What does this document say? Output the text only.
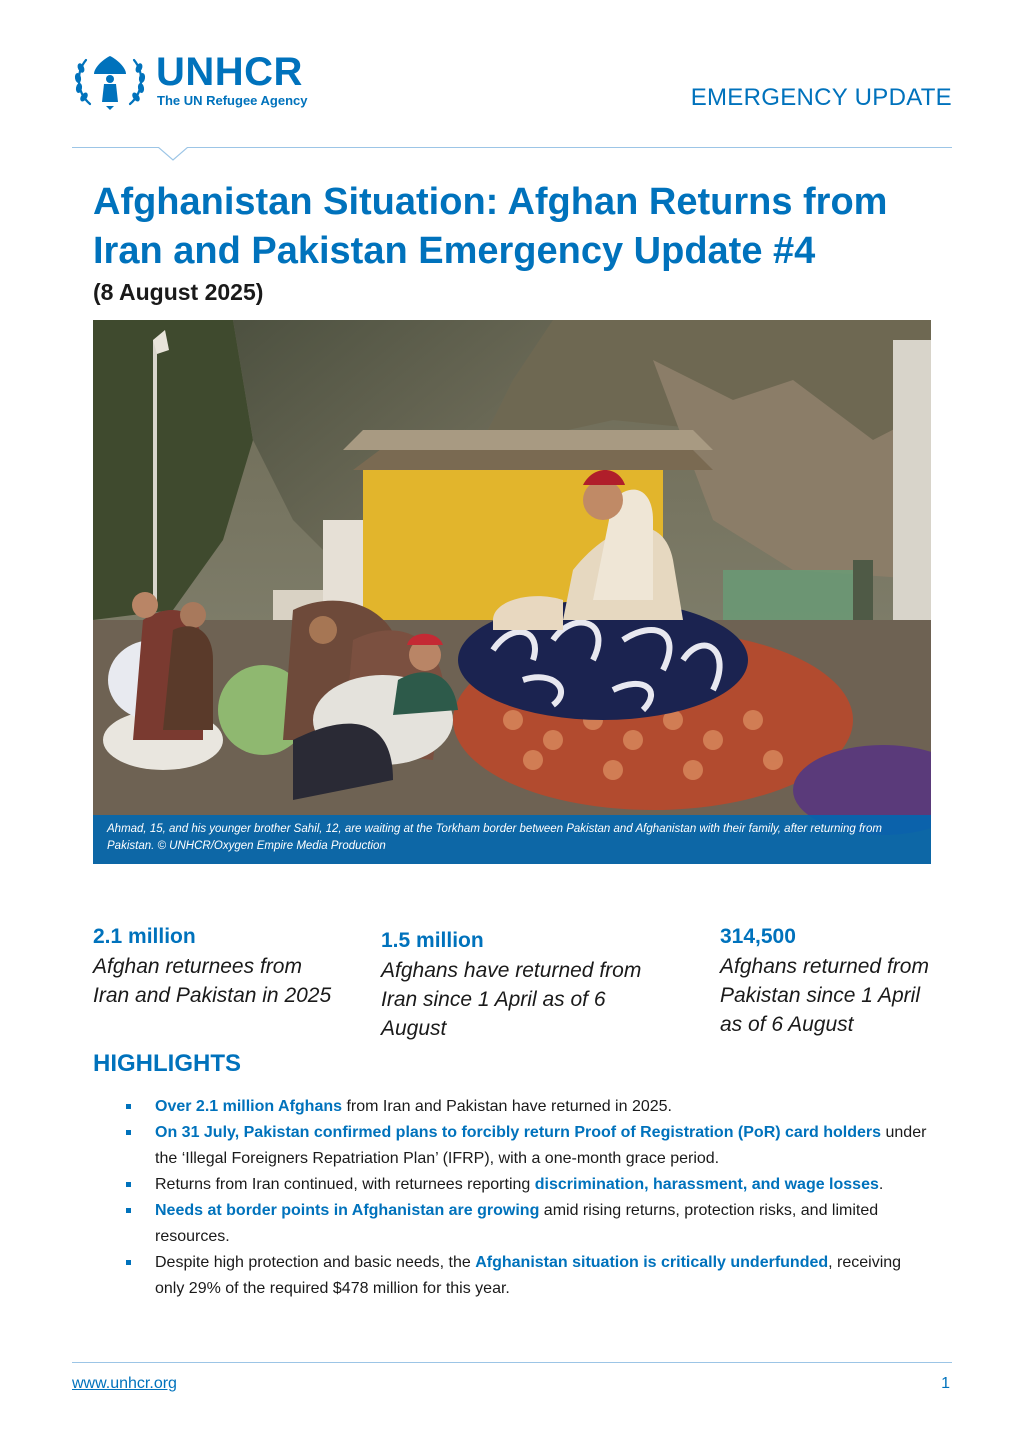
UNHCR
The UN Refugee Agency	EMERGENCY UPDATE
Afghanistan Situation: Afghan Returns from Iran and Pakistan Emergency Update #4
(8 August 2025)
Ahmad, 15, and his younger brother Sahil, 12, are waiting at the Torkham border between Pakistan and Afghanistan with their family, after returning from Pakistan. © UNHCR/Oxygen Empire Media Production
2.1 million
Afghan returnees from Iran and Pakistan in 2025
1.5 million
Afghans have returned from Iran since 1 April as of 6 August
314,500
Afghans returned from Pakistan since 1 April as of 6 August
HIGHLIGHTS
Over 2.1 million Afghans from Iran and Pakistan have returned in 2025.
On 31 July, Pakistan confirmed plans to forcibly return Proof of Registration (PoR) card holders under the ‘Illegal Foreigners Repatriation Plan’ (IFRP), with a one-month grace period.
Returns from Iran continued, with returnees reporting discrimination, harassment, and wage losses.
Needs at border points in Afghanistan are growing amid rising returns, protection risks, and limited resources.
Despite high protection and basic needs, the Afghanistan situation is critically underfunded, receiving only 29% of the required $478 million for this year.
www.unhcr.org	1
